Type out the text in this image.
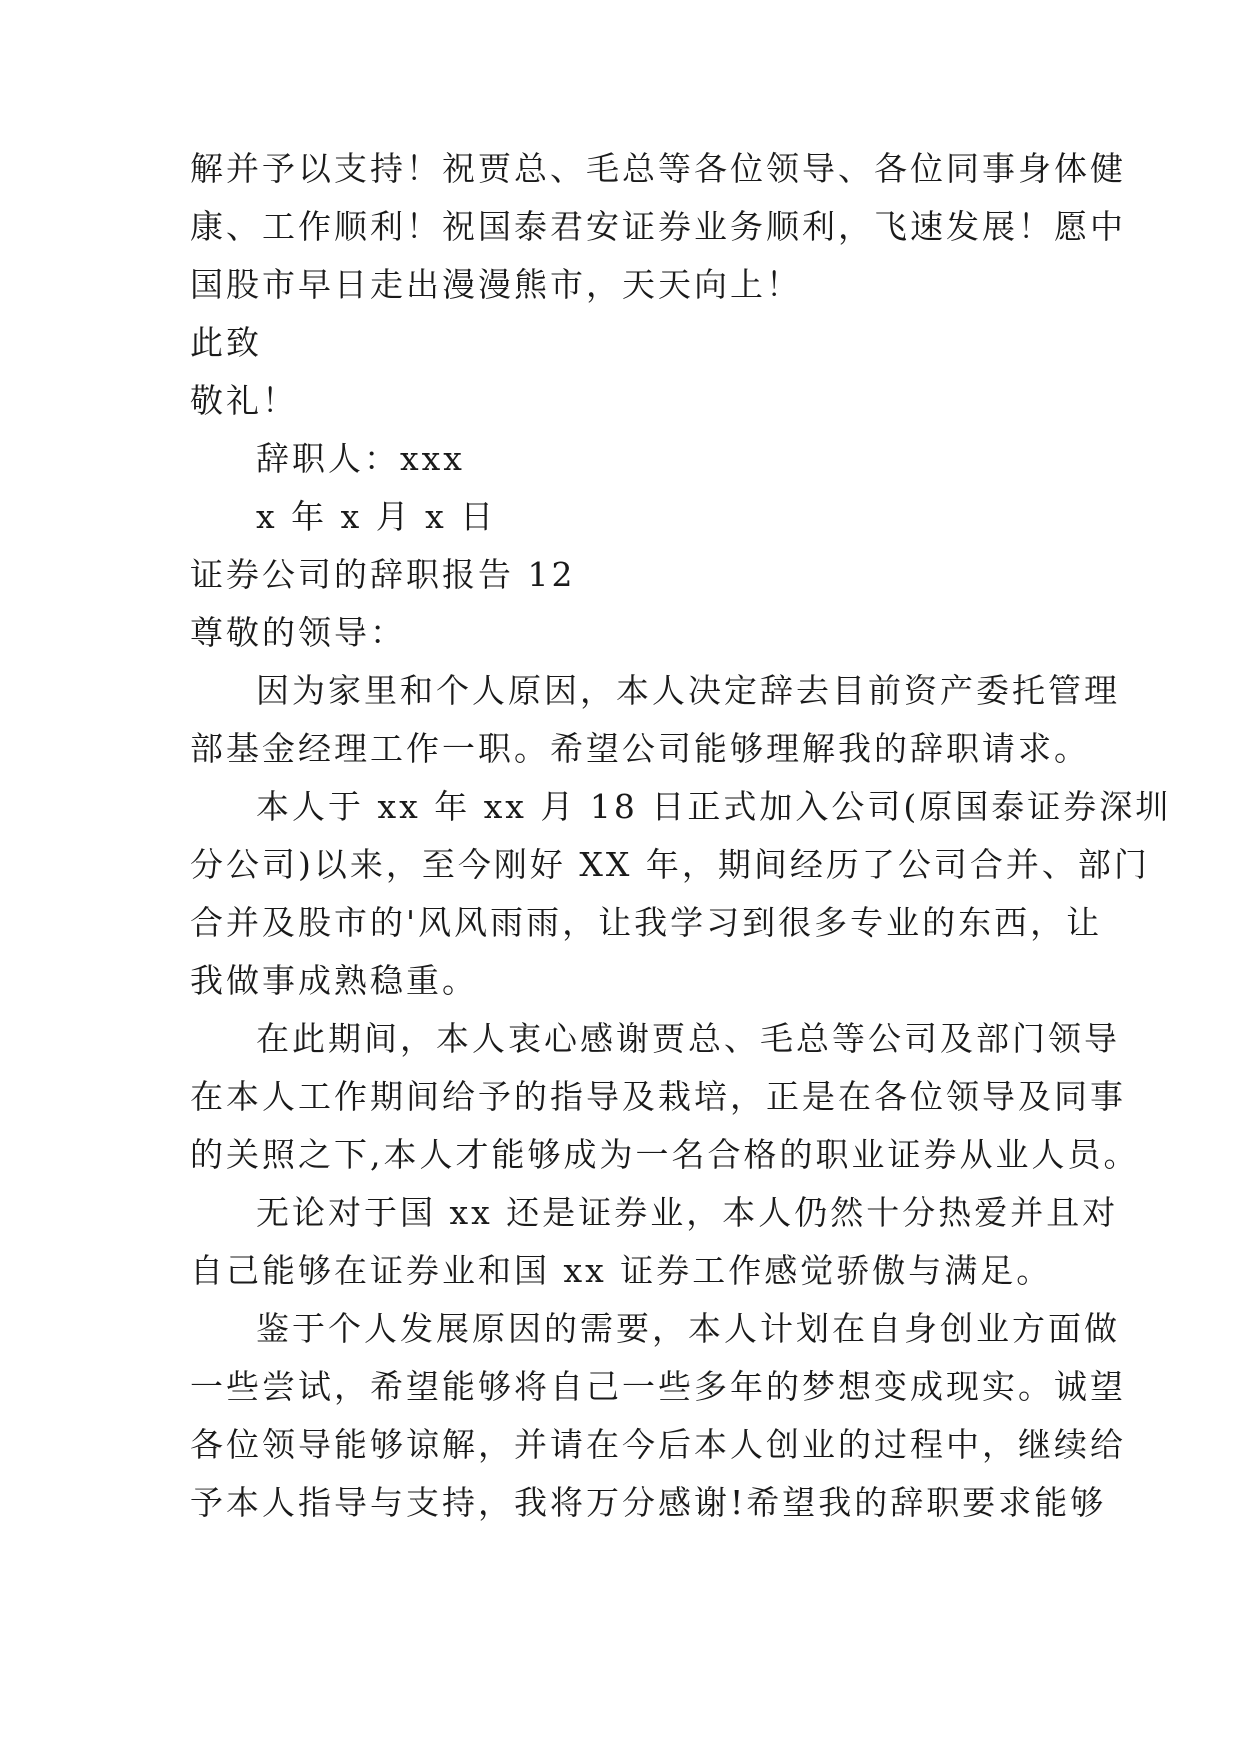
解并予以支持！祝贾总、毛总等各位领导、各位同事身体健
康、工作顺利！祝国泰君安证券业务顺利，飞速发展！愿中
国股市早日走出漫漫熊市，天天向上！
此致
敬礼！
辞职人：xxx
x 年 x 月 x 日
证券公司的辞职报告 12
尊敬的领导：
因为家里和个人原因，本人决定辞去目前资产委托管理
部基金经理工作一职。希望公司能够理解我的辞职请求。
本人于 xx 年 xx 月 18 日正式加入公司(原国泰证券深圳
分公司)以来，至今刚好 XX 年，期间经历了公司合并、部门
合并及股市的'风风雨雨，让我学习到很多专业的东西，让
我做事成熟稳重。
在此期间，本人衷心感谢贾总、毛总等公司及部门领导
在本人工作期间给予的指导及栽培，正是在各位领导及同事
的关照之下,本人才能够成为一名合格的职业证券从业人员。
无论对于国 xx 还是证券业，本人仍然十分热爱并且对
自己能够在证券业和国 xx 证券工作感觉骄傲与满足。
鉴于个人发展原因的需要，本人计划在自身创业方面做
一些尝试，希望能够将自己一些多年的梦想变成现实。诚望
各位领导能够谅解，并请在今后本人创业的过程中，继续给
予本人指导与支持，我将万分感谢!希望我的辞职要求能够
